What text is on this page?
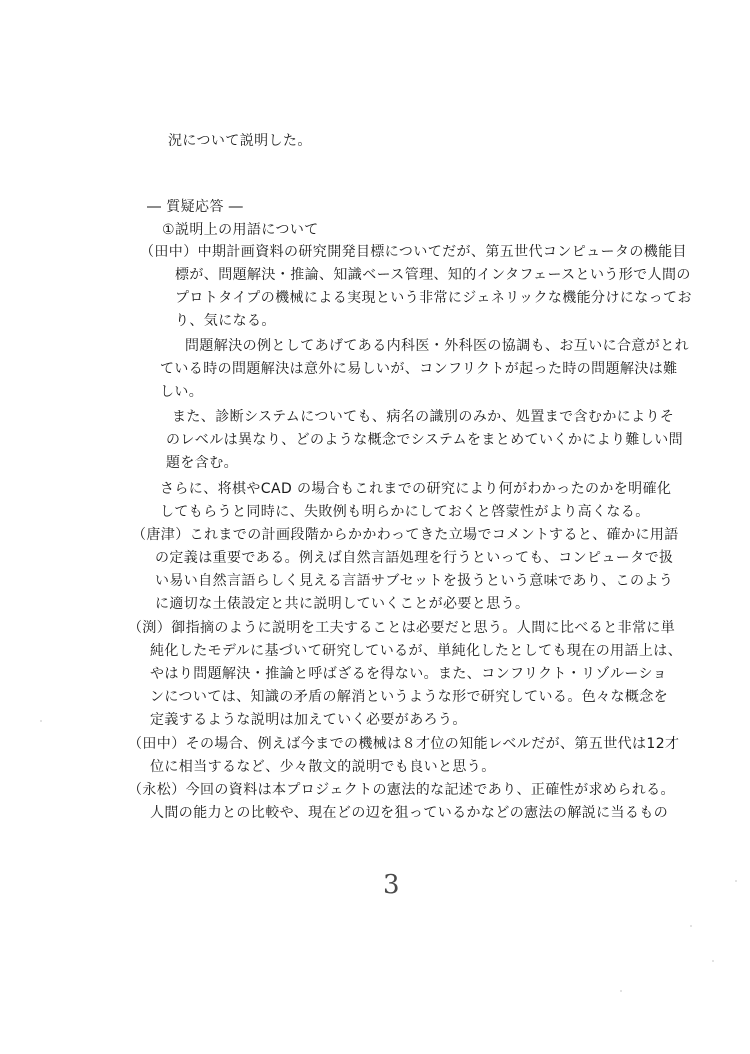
況について説明した。
― 質疑応答 ―
①説明上の用語について
（田中）中期計画資料の研究開発目標についてだが、第五世代コンピュータの機能目
標が、問題解決・推論、知識ベース管理、知的インタフェースという形で人間の
プロトタイプの機械による実現という非常にジェネリックな機能分けになってお
り、気になる。
問題解決の例としてあげてある内科医・外科医の協調も、お互いに合意がとれ
ている時の問題解決は意外に易しいが、コンフリクトが起った時の問題解決は難
しい。
また、診断システムについても、病名の識別のみか、処置まで含むかによりそ
のレベルは異なり、どのような概念でシステムをまとめていくかにより難しい問
題を含む。
さらに、将棋やCAD の場合もこれまでの研究により何がわかったのかを明確化
してもらうと同時に、失敗例も明らかにしておくと啓蒙性がより高くなる。
（唐津）これまでの計画段階からかかわってきた立場でコメントすると、確かに用語
の定義は重要である。例えば自然言語処理を行うといっても、コンピュータで扱
い易い自然言語らしく見える言語サブセットを扱うという意味であり、このよう
に適切な土俵設定と共に説明していくことが必要と思う。
（渕）御指摘のように説明を工夫することは必要だと思う。人間に比べると非常に単
純化したモデルに基づいて研究しているが、単純化したとしても現在の用語上は、
やはり問題解決・推論と呼ばざるを得ない。また、コンフリクト・リゾルーショ
ンについては、知識の矛盾の解消というような形で研究している。色々な概念を
定義するような説明は加えていく必要があろう。
（田中）その場合、例えば今までの機械は８才位の知能レベルだが、第五世代は12才
位に相当するなど、少々散文的説明でも良いと思う。
（永松）今回の資料は本プロジェクトの憲法的な記述であり、正確性が求められる。
人間の能力との比較や、現在どの辺を狙っているかなどの憲法の解説に当るもの
3
